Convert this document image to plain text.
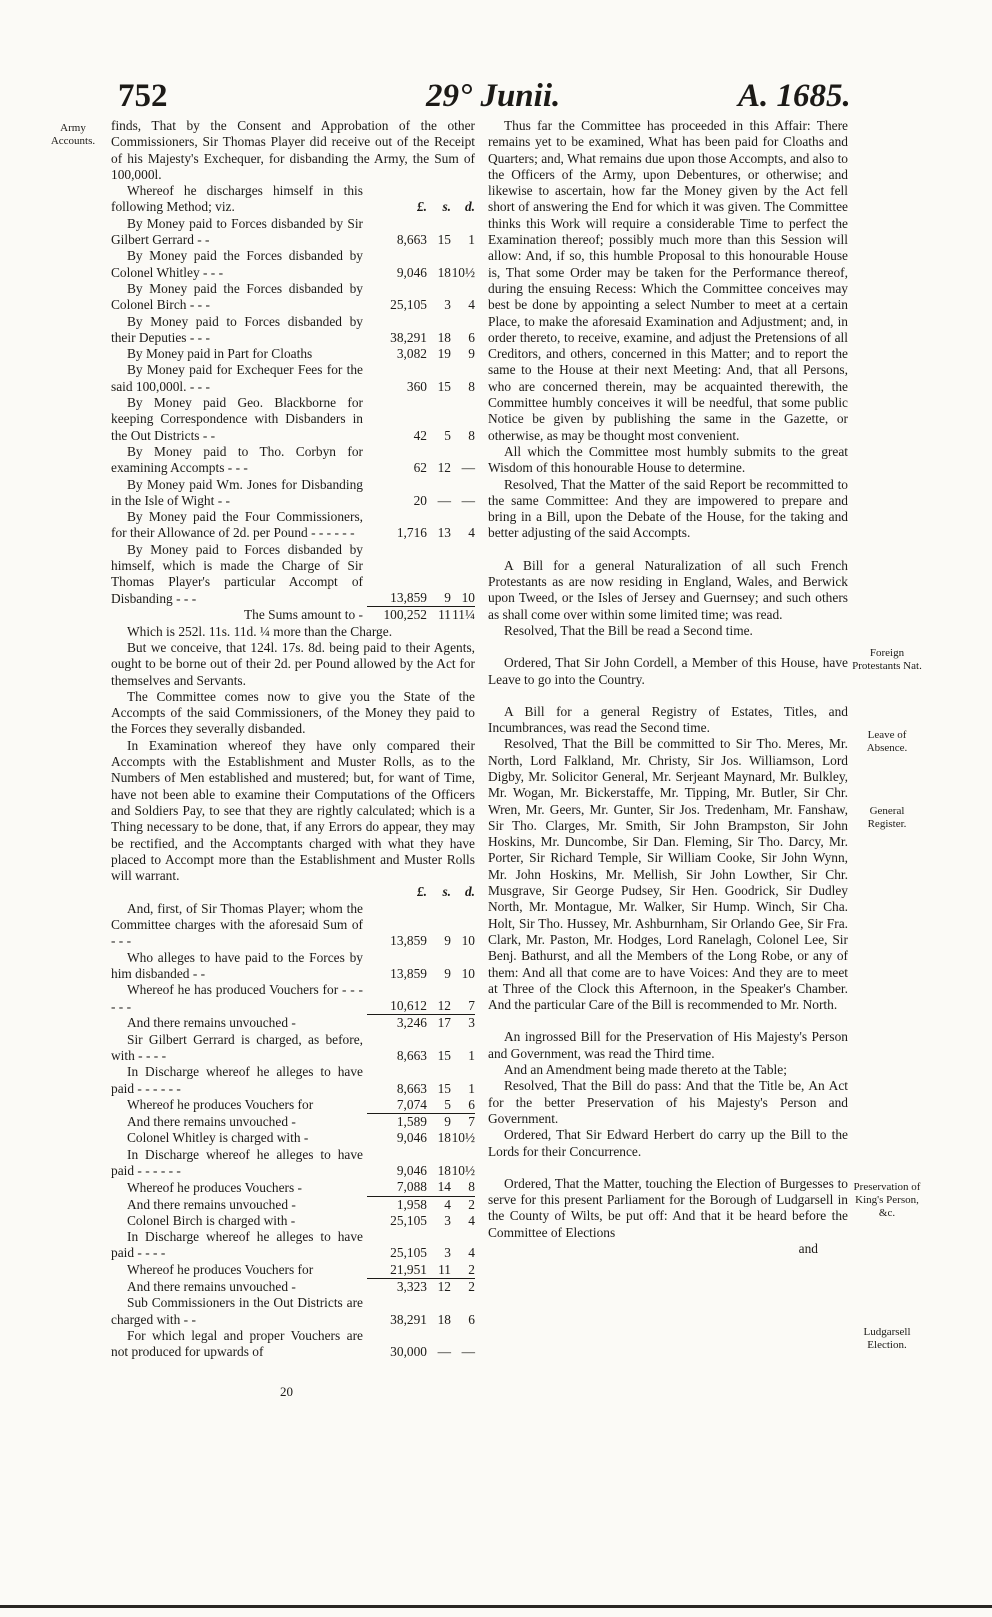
752	29° Junii.	A. 1685.
Army Accounts.
Foreign Protestants Nat.
Leave of Absence.
General Register.
Preservation of King's Person, &c.
Ludgarsell Election.

finds, That by the Consent and Approbation of the other Commissioners, Sir Thomas Player did receive out of the Receipt of his Majesty's Exchequer, for disbanding the Army, the Sum of 100,000l.

Whereof he discharges himself in this following Method; viz.	£.	s.	d.
By Money paid to Forces disbanded by Sir Gilbert Gerrard - -	8,663	15	1
By Money paid the Forces disbanded by Colonel Whitley - - -	9,046	18	10½
By Money paid the Forces disbanded by Colonel Birch - - -	25,105	3	4
By Money paid to Forces disbanded by their Deputies - - -	38,291	18	6
By Money paid in Part for Cloaths	3,082	19	9
By Money paid for Exchequer Fees for the said 100,000l. - - -	360	15	8
By Money paid Geo. Blackborne for keeping Correspondence with Disbanders in the Out Districts - -	42	5	8
By Money paid to Tho. Corbyn for examining Accompts - - -	62	12	—
By Money paid Wm. Jones for Disbanding in the Isle of Wight - -	20	—	—
By Money paid the Four Commissioners, for their Allowance of 2d. per Pound - - - - - -	1,716	13	4
By Money paid to Forces disbanded by himself, which is made the Charge of Sir Thomas Player's particular Accompt of Disbanding - - -	13,859	9	10
The Sums amount to -	100,252	11	11¼

Which is 252l. 11s. 11d. ¼ more than the Charge.

But we conceive, that 124l. 17s. 8d. being paid to their Agents, ought to be borne out of their 2d. per Pound allowed by the Act for themselves and Servants.

The Committee comes now to give you the State of the Accompts of the said Commissioners, of the Money they paid to the Forces they severally disbanded.

In Examination whereof they have only compared their Accompts with the Establishment and Muster Rolls, as to the Numbers of Men established and mustered; but, for want of Time, have not been able to examine their Computations of the Officers and Soldiers Pay, to see that they are rightly calculated; which is a Thing necessary to be done, that, if any Errors do appear, they may be rectified, and the Accomptants charged with what they have placed to Accompt more than the Establishment and Muster Rolls will warrant.

	£.	s.	d.
And, first, of Sir Thomas Player; whom the Committee charges with the aforesaid Sum of - - -	13,859	9	10
Who alleges to have paid to the Forces by him disbanded - -	13,859	9	10
Whereof he has produced Vouchers for - - - - - -	10,612	12	7
And there remains unvouched -	3,246	17	3
Sir Gilbert Gerrard is charged, as before, with - - - -	8,663	15	1
In Discharge whereof he alleges to have paid - - - - - -	8,663	15	1
Whereof he produces Vouchers for	7,074	5	6
And there remains unvouched -	1,589	9	7
Colonel Whitley is charged with -	9,046	18	10½
In Discharge whereof he alleges to have paid - - - - - -	9,046	18	10½
Whereof he produces Vouchers -	7,088	14	8
And there remains unvouched -	1,958	4	2
Colonel Birch is charged with -	25,105	3	4
In Discharge whereof he alleges to have paid - - - -	25,105	3	4
Whereof he produces Vouchers for	21,951	11	2
And there remains unvouched -	3,323	12	2
Sub Commissioners in the Out Districts are charged with - -	38,291	18	6
For which legal and proper Vouchers are not produced for upwards of	30,000	—	—
20

Thus far the Committee has proceeded in this Affair: There remains yet to be examined, What has been paid for Cloaths and Quarters; and, What remains due upon those Accompts, and also to the Officers of the Army, upon Debentures, or otherwise; and likewise to ascertain, how far the Money given by the Act fell short of answering the End for which it was given. The Committee thinks this Work will require a considerable Time to perfect the Examination thereof; possibly much more than this Session will allow: And, if so, this humble Proposal to this honourable House is, That some Order may be taken for the Performance thereof, during the ensuing Recess: Which the Committee conceives may best be done by appointing a select Number to meet at a certain Place, to make the aforesaid Examination and Adjustment; and, in order thereto, to receive, examine, and adjust the Pretensions of all Creditors, and others, concerned in this Matter; and to report the same to the House at their next Meeting: And, that all Persons, who are concerned therein, may be acquainted therewith, the Committee humbly conceives it will be needful, that some public Notice be given by publishing the same in the Gazette, or otherwise, as may be thought most convenient.

All which the Committee most humbly submits to the great Wisdom of this honourable House to determine.

Resolved, That the Matter of the said Report be recommitted to the same Committee: And they are impowered to prepare and bring in a Bill, upon the Debate of the House, for the taking and better adjusting of the said Accompts.

A Bill for a general Naturalization of all such French Protestants as are now residing in England, Wales, and Berwick upon Tweed, or the Isles of Jersey and Guernsey; and such others as shall come over within some limited time; was read.

Resolved, That the Bill be read a Second time.

Ordered, That Sir John Cordell, a Member of this House, have Leave to go into the Country.

A Bill for a general Registry of Estates, Titles, and Incumbrances, was read the Second time.

Resolved, That the Bill be committed to Sir Tho. Meres, Mr. North, Lord Falkland, Mr. Christy, Sir Jos. Williamson, Lord Digby, Mr. Solicitor General, Mr. Serjeant Maynard, Mr. Bulkley, Mr. Wogan, Mr. Bickerstaffe, Mr. Tipping, Mr. Butler, Sir Chr. Wren, Mr. Geers, Mr. Gunter, Sir Jos. Tredenham, Mr. Fanshaw, Sir Tho. Clarges, Mr. Smith, Sir John Brampston, Sir John Hoskins, Mr. Duncombe, Sir Dan. Fleming, Sir Tho. Darcy, Mr. Porter, Sir Richard Temple, Sir William Cooke, Sir John Wynn, Mr. John Hoskins, Mr. Mellish, Sir John Lowther, Sir Chr. Musgrave, Sir George Pudsey, Sir Hen. Goodrick, Sir Dudley North, Mr. Montague, Mr. Walker, Sir Hump. Winch, Sir Cha. Holt, Sir Tho. Hussey, Mr. Ashburnham, Sir Orlando Gee, Sir Fra. Clark, Mr. Paston, Mr. Hodges, Lord Ranelagh, Colonel Lee, Sir Benj. Bathurst, and all the Members of the Long Robe, or any of them: And all that come are to have Voices: And they are to meet at Three of the Clock this Afternoon, in the Speaker's Chamber. And the particular Care of the Bill is recommended to Mr. North.

An ingrossed Bill for the Preservation of His Majesty's Person and Government, was read the Third time.

And an Amendment being made thereto at the Table;

Resolved, That the Bill do pass: And that the Title be, An Act for the better Preservation of his Majesty's Person and Government.

Ordered, That Sir Edward Herbert do carry up the Bill to the Lords for their Concurrence.

Ordered, That the Matter, touching the Election of Burgesses to serve for this present Parliament for the Borough of Ludgarsell in the County of Wilts, be put off: And that it be heard before the Committee of Elections

and
